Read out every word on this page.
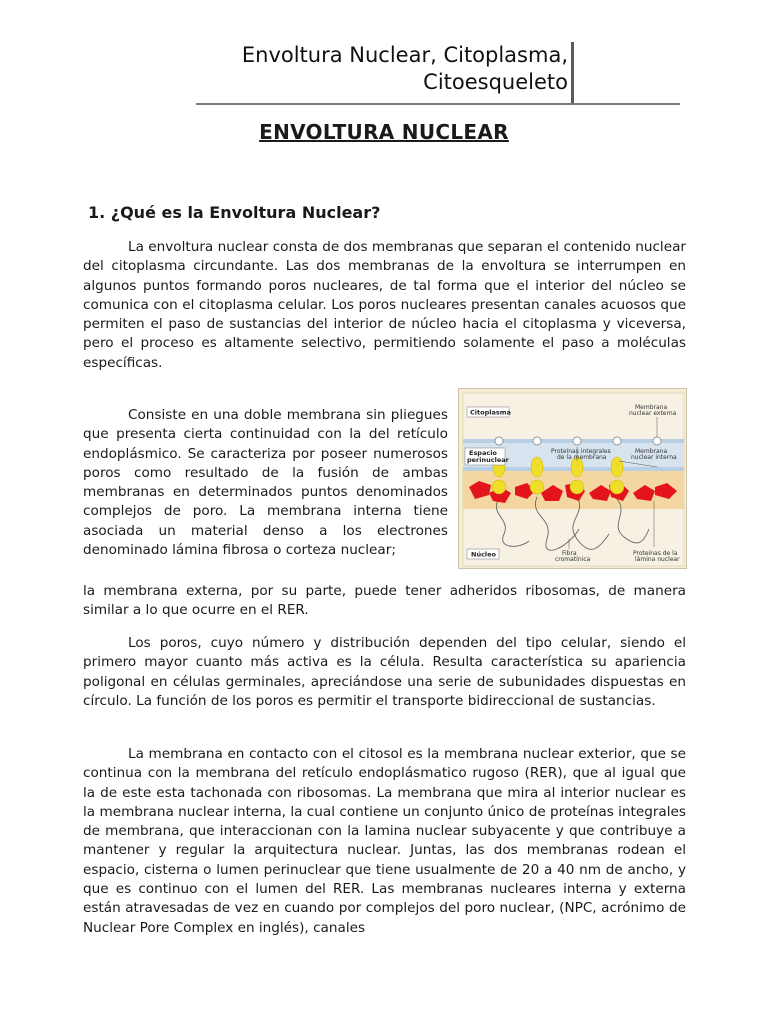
Envoltura Nuclear, Citoplasma,
Citoesqueleto
ENVOLTURA NUCLEAR
1. ¿Qué es la Envoltura Nuclear?

La envoltura nuclear consta de dos membranas que separan el contenido nuclear del citoplasma circundante. Las dos membranas de la envoltura se interrumpen en algunos puntos formando poros nucleares, de tal forma que el interior del núcleo se comunica con el citoplasma celular. Los poros nucleares presentan canales acuosos que permiten el paso de sustancias del interior de núcleo hacia el citoplasma y viceversa, pero el proceso es altamente selectivo, permitiendo solamente el paso a moléculas específicas.

Consiste en una doble membrana sin pliegues que presenta cierta continuidad con la del retículo endoplásmico. Se caracteriza por poseer numerosos poros como resultado de la fusión de ambas membranas en determinados puntos denominados complejos de poro. La membrana interna tiene asociada un material denso a los electrones denominado lámina fibrosa o corteza nuclear;

Citoplasma
Membrana
nuclear externa
Espacio
perinuclear
Proteínas integrales
de la membrana
Membrana
nuclear interna
Núcleo	Fibra
cromatínica
Proteínas de la
lámina nuclear

la membrana externa, por su parte, puede tener adheridos ribosomas, de manera similar a lo que ocurre en el RER.

Los poros, cuyo número y distribución dependen del tipo celular, siendo el primero mayor cuanto más activa es la célula. Resulta característica su apariencia poligonal en células germinales, apreciándose una serie de subunidades dispuestas en círculo. La función de los poros es permitir el transporte bidireccional de sustancias.

La membrana en contacto con el citosol es la membrana nuclear exterior, que se continua con la membrana del retículo endoplásmatico rugoso (RER), que al igual que la de este esta tachonada con ribosomas. La membrana que mira al interior nuclear es la membrana nuclear interna, la cual contiene un conjunto único de proteínas integrales de membrana, que interaccionan con la lamina nuclear subyacente y que contribuye a mantener y regular la arquitectura nuclear. Juntas, las dos membranas rodean el espacio, cisterna o lumen perinuclear que tiene usualmente de 20 a 40 nm de ancho, y que es continuo con el lumen del RER. Las membranas nucleares interna y externa están atravesadas de vez en cuando por complejos del poro nuclear, (NPC, acrónimo de Nuclear Pore Complex en inglés), canales
